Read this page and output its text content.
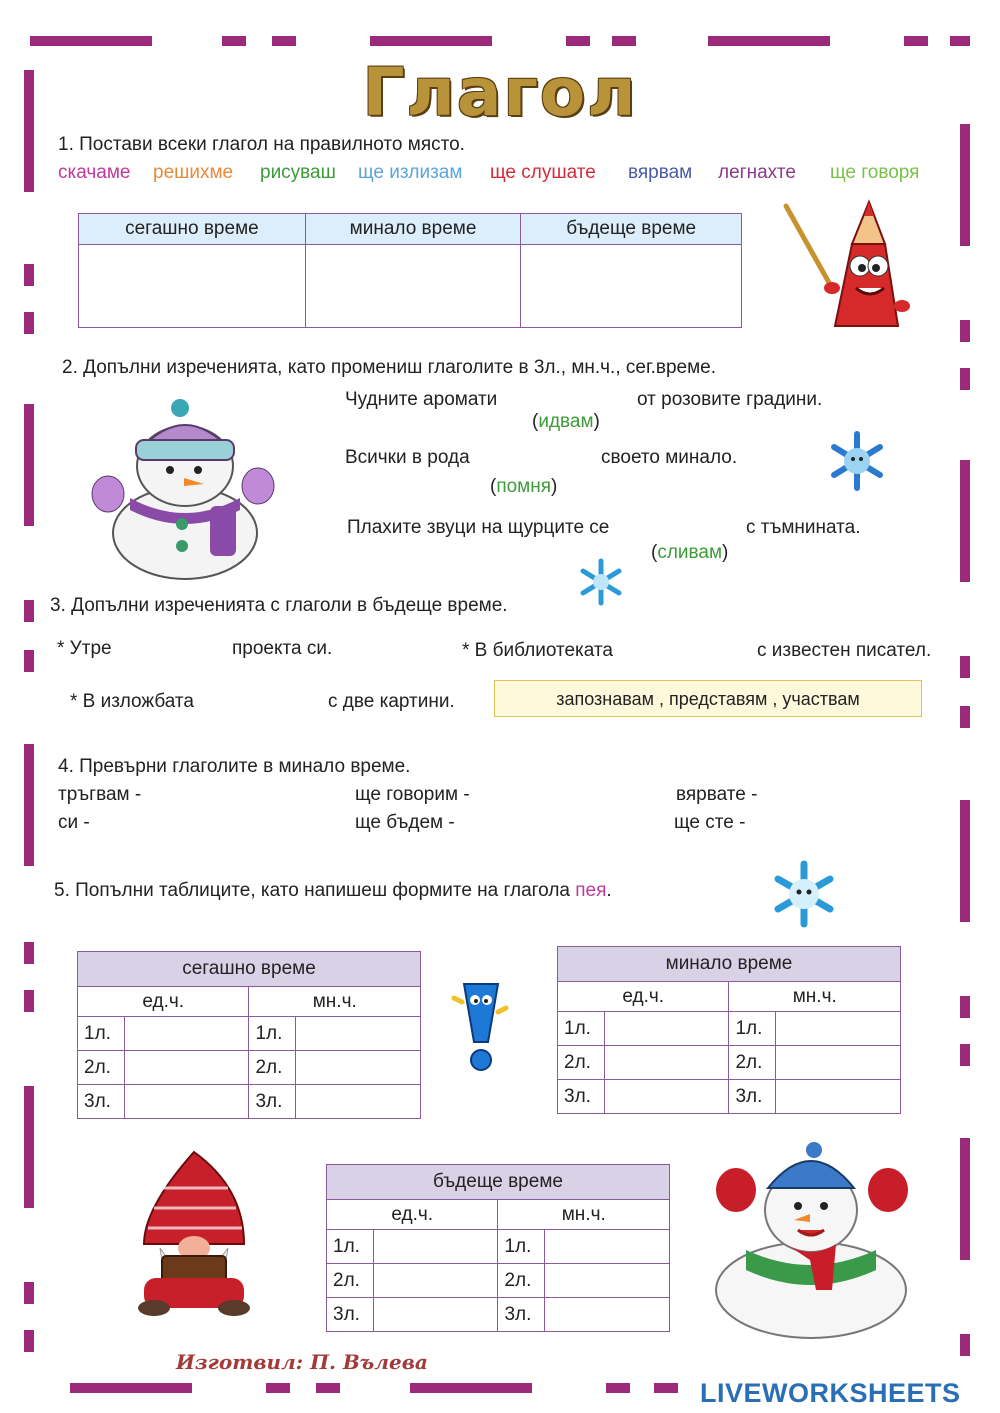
Глагол
1. Постави всеки глагол на правилното място.
скачаме решихме рисуваш ще излизам ще слушате вярвам легнахте ще говоря
сегашно време	минало време	бъдеще време

2. Допълни изреченията, като промениш глаголите в 3л., мн.ч., сег.време.
Чудните аромати	от розовите градини.
(идвам)
Всички в рода	своето минало.
(помня)
Плахите звуци на щурците се	с тъмнината.
(сливам)
3. Допълни изреченията с глаголи в бъдеще време.
* Утре	проекта си.	* В библиотеката	с известен писател.
* В изложбата	с две картини.	запознавам , представям , участвам
4. Превърни глаголите в минало време.
тръгвам -	ще говорим -	вярвате -
си -	ще бъдем -	ще сте -
5. Попълни таблиците, като напишеш формите на глагола пея.
сегашно време			
ед.ч.		мн.ч.	
1л.		1л.	
2л.		2л.	
3л.		3л.	
минало време			
ед.ч.		мн.ч.	
1л.		1л.	
2л.		2л.	
3л.		3л.	
бъдеще време			
ед.ч.		мн.ч.	
1л.		1л.	
2л.		2л.	
3л.		3л.	
Изготвил: П. Вълева
LIVEWORKSHEETS
